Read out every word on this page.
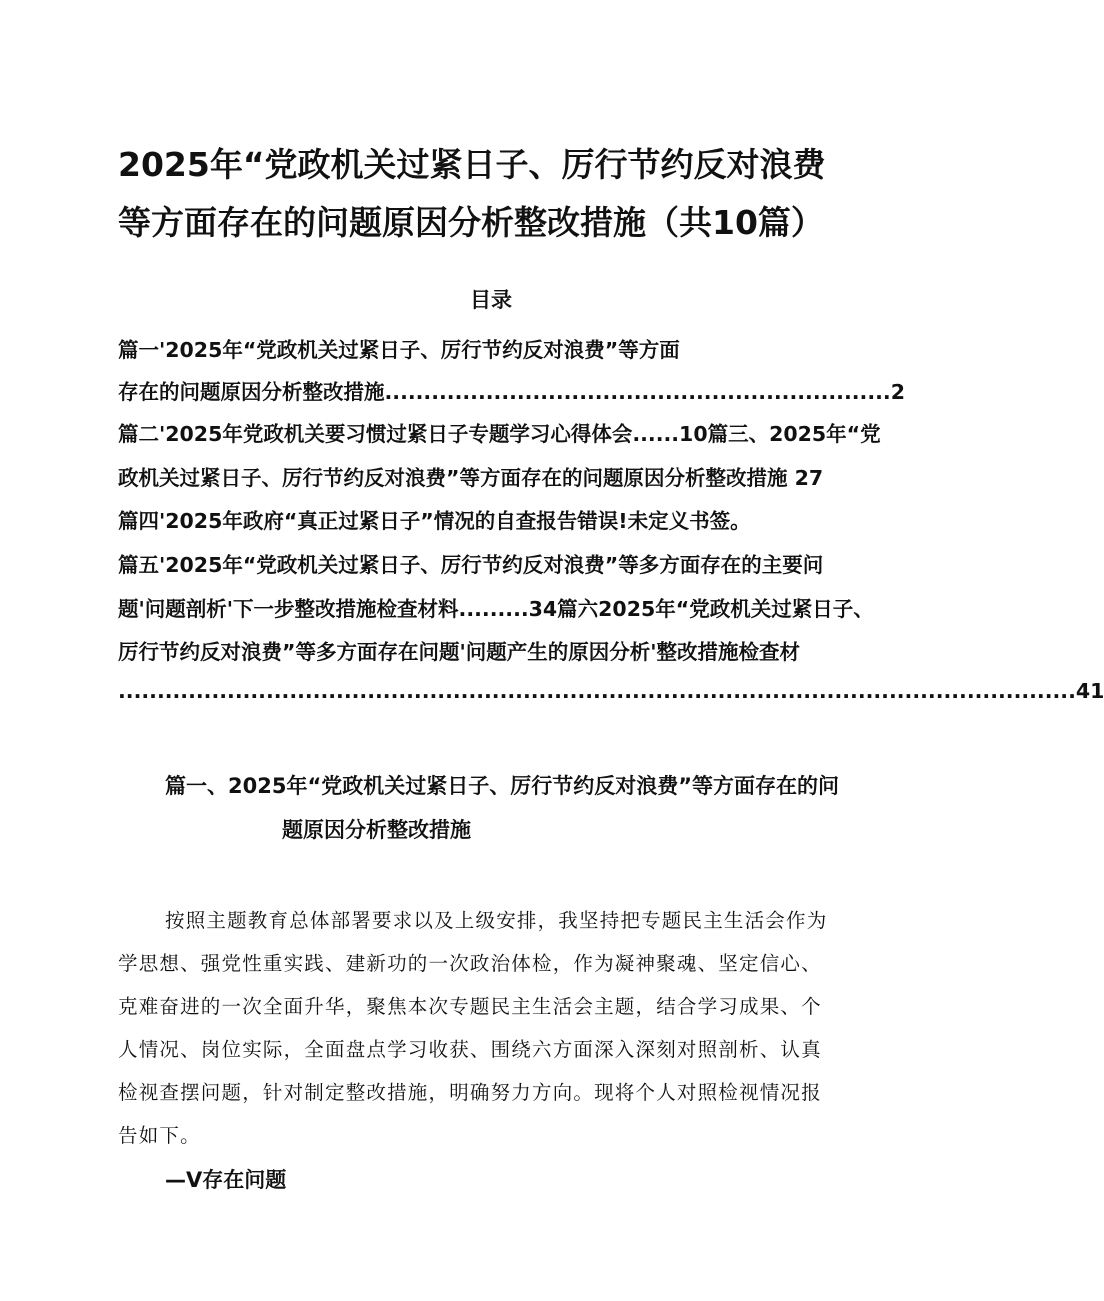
2025年“党政机关过紧日子、厉行节约反对浪费
等方面存在的问题原因分析整改措施（共10篇）
目录
篇一'2025年“党政机关过紧日子、厉行节约反对浪费”等方面
存在的问题原因分析整改措施.................................................................2
篇二'2025年党政机关要习惯过紧日子专题学习心得体会......10篇三、2025年“党
政机关过紧日子、厉行节约反对浪费”等方面存在的问题原因分析整改措施 27
篇四'2025年政府“真正过紧日子”情况的自查报告错误!未定义书签。
篇五'2025年“党政机关过紧日子、厉行节约反对浪费”等多方面存在的主要问
题'问题剖析'下一步整改措施检查材料.........34篇六2025年“党政机关过紧日子、
厉行节约反对浪费”等多方面存在问题'问题产生的原因分析'整改措施检查材
...........................................................................................................................41
篇一、2025年“党政机关过紧日子、厉行节约反对浪费”等方面存在的问
题原因分析整改措施
按照主题教育总体部署要求以及上级安排，我坚持把专题民主生活会作为
学思想、强党性重实践、建新功的一次政治体检，作为凝神聚魂、坚定信心、
克难奋进的一次全面升华，聚焦本次专题民主生活会主题，结合学习成果、个
人情况、岗位实际，全面盘点学习收获、围绕六方面深入深刻对照剖析、认真
检视查摆问题，针对制定整改措施，明确努力方向。现将个人对照检视情况报
告如下。
—V存在问题
